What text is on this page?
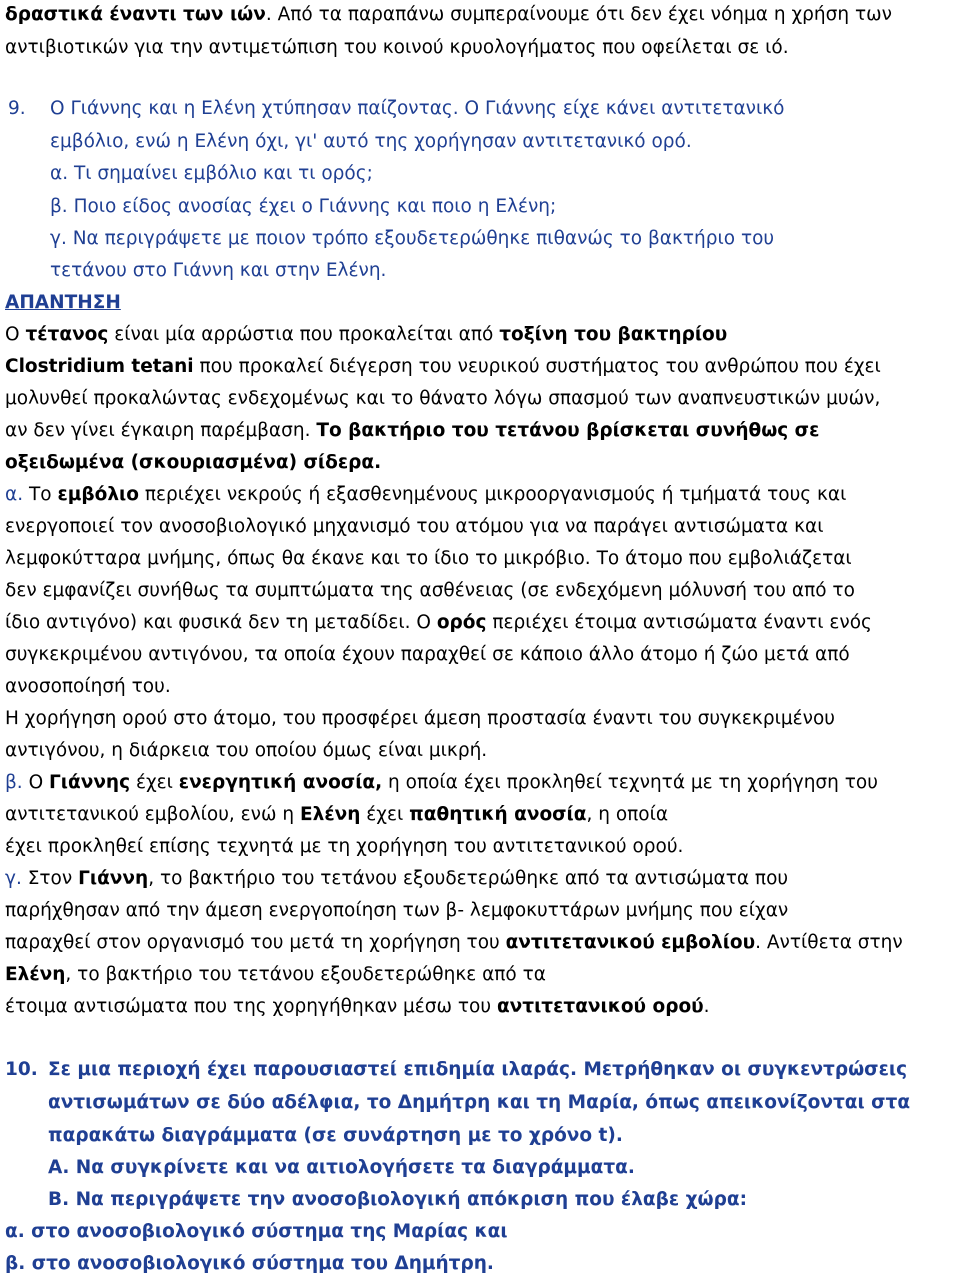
δραστικά έναντι των ιών. Από τα παραπάνω συμπεραίνουμε ότι δεν έχει νόημα η χρήση των
αντιβιοτικών για την αντιμετώπιση του κοινού κρυολογήματος που οφείλεται σε ιό.
9. Ο Γιάννης και η Ελένη χτύπησαν παίζοντας. Ο Γιάννης είχε κάνει αντιτετανικό
εμβόλιο, ενώ η Ελένη όχι, γι' αυτό της χορήγησαν αντιτετανικό ορό.
α. Τι σημαίνει εμβόλιο και τι ορός;
β. Ποιο είδος ανοσίας έχει ο Γιάννης και ποιο η Ελένη;
γ. Να περιγράψετε με ποιον τρόπο εξουδετερώθηκε πιθανώς το βακτήριο του
τετάνου στο Γιάννη και στην Ελένη.
ΑΠΑΝΤΗΣΗ
Ο τέτανος είναι μία αρρώστια που προκαλείται από τοξίνη του βακτηρίου
Clostridium tetani που προκαλεί διέγερση του νευρικού συστήματος του ανθρώπου που έχει
μολυνθεί προκαλώντας ενδεχομένως και το θάνατο λόγω σπασμού των αναπνευστικών μυών,
αν δεν γίνει έγκαιρη παρέμβαση. Το βακτήριο του τετάνου βρίσκεται συνήθως σε
οξειδωμένα (σκουριασμένα) σίδερα.
α. Το εμβόλιο περιέχει νεκρούς ή εξασθενημένους μικροοργανισμούς ή τμήματά τους και
ενεργοποιεί τον ανοσοβιολογικό μηχανισμό του ατόμου για να παράγει αντισώματα και
λεμφοκύτταρα μνήμης, όπως θα έκανε και το ίδιο το μικρόβιο. Το άτομο που εμβολιάζεται
δεν εμφανίζει συνήθως τα συμπτώματα της ασθένειας (σε ενδεχόμενη μόλυνσή του από το
ίδιο αντιγόνο) και φυσικά δεν τη μεταδίδει. Ο ορός περιέχει έτοιμα αντισώματα έναντι ενός
συγκεκριμένου αντιγόνου, τα οποία έχουν παραχθεί σε κάποιο άλλο άτομο ή ζώο μετά από
ανοσοποίησή του.
Η χορήγηση ορού στο άτομο, του προσφέρει άμεση προστασία έναντι του συγκεκριμένου
αντιγόνου, η διάρκεια του οποίου όμως είναι μικρή.
β. Ο Γιάννης έχει ενεργητική ανοσία, η οποία έχει προκληθεί τεχνητά με τη χορήγηση του
αντιτετανικού εμβολίου, ενώ η Ελένη έχει παθητική ανοσία, η οποία
έχει προκληθεί επίσης τεχνητά με τη χορήγηση του αντιτετανικού ορού.
γ. Στον Γιάννη, το βακτήριο του τετάνου εξουδετερώθηκε από τα αντισώματα που
παρήχθησαν από την άμεση ενεργοποίηση των β- λεμφοκυττάρων μνήμης που είχαν
παραχθεί στον οργανισμό του μετά τη χορήγηση του αντιτετανικού εμβολίου. Αντίθετα στην
Ελένη, το βακτήριο του τετάνου εξουδετερώθηκε από τα
έτοιμα αντισώματα που της χορηγήθηκαν μέσω του αντιτετανικού ορού.
10. Σε μια περιοχή έχει παρουσιαστεί επιδημία ιλαράς. Μετρήθηκαν οι συγκεντρώσεις
αντισωμάτων σε δύο αδέλφια, το Δημήτρη και τη Μαρία, όπως απεικονίζονται στα
παρακάτω διαγράμματα (σε συνάρτηση με το χρόνο t).
Α. Να συγκρίνετε και να αιτιολογήσετε τα διαγράμματα.
Β. Να περιγράψετε την ανοσοβιολογική απόκριση που έλαβε χώρα:
α. στο ανοσοβιολογικό σύστημα της Μαρίας και
β. στο ανοσοβιολογικό σύστημα του Δημήτρη.
